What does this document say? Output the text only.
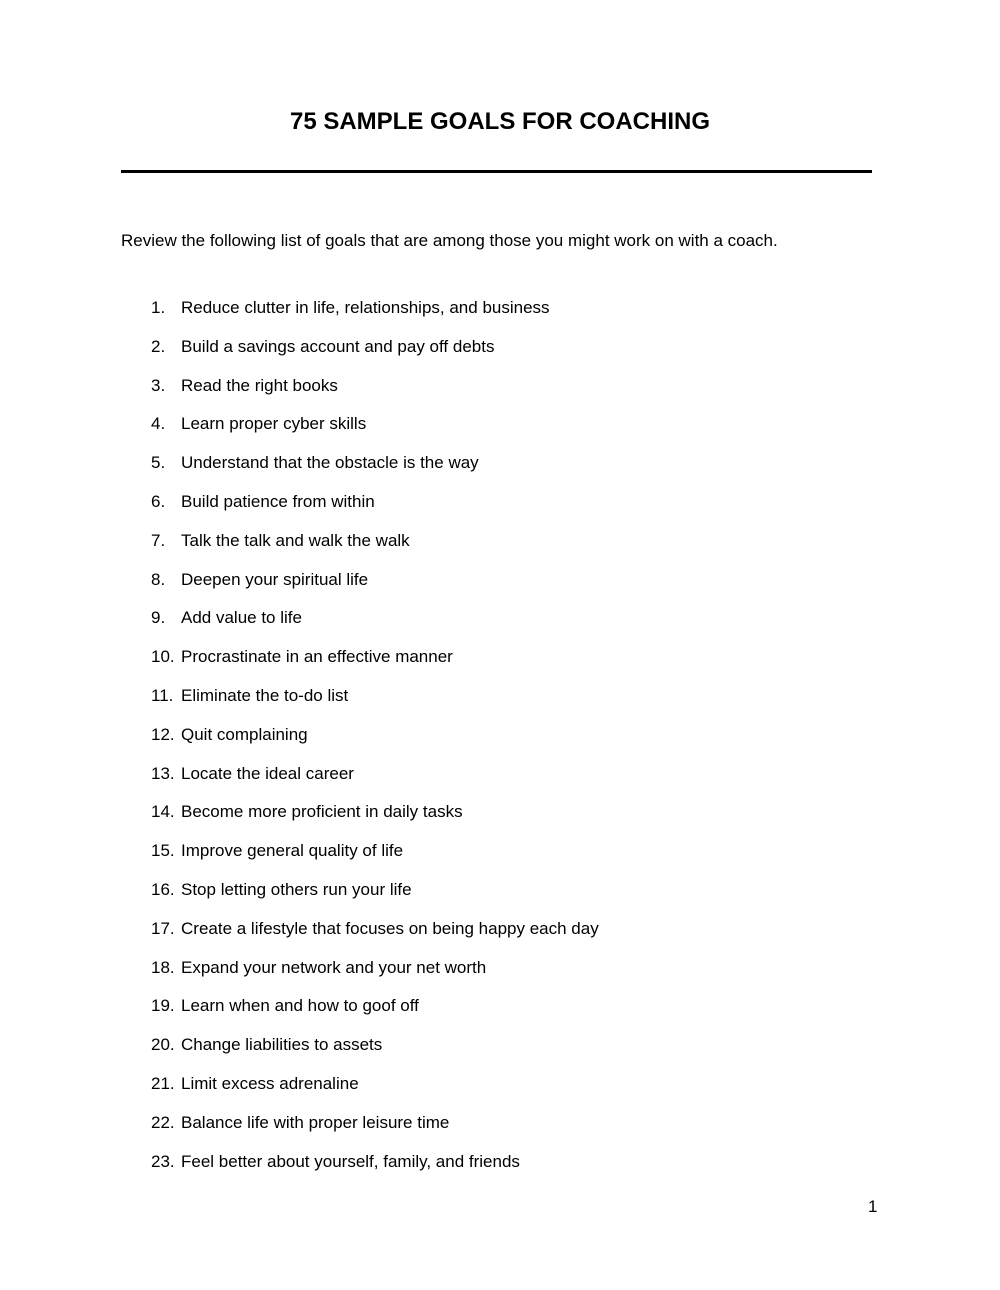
75 SAMPLE GOALS FOR COACHING

Review the following list of goals that are among those you might work on with a coach.

1. Reduce clutter in life, relationships, and business
2. Build a savings account and pay off debts
3. Read the right books
4. Learn proper cyber skills
5. Understand that the obstacle is the way
6. Build patience from within
7. Talk the talk and walk the walk
8. Deepen your spiritual life
9. Add value to life
10. Procrastinate in an effective manner
11. Eliminate the to-do list
12. Quit complaining
13. Locate the ideal career
14. Become more proficient in daily tasks
15. Improve general quality of life
16. Stop letting others run your life
17. Create a lifestyle that focuses on being happy each day
18. Expand your network and your net worth
19. Learn when and how to goof off
20. Change liabilities to assets
21. Limit excess adrenaline
22. Balance life with proper leisure time
23. Feel better about yourself, family, and friends
1
